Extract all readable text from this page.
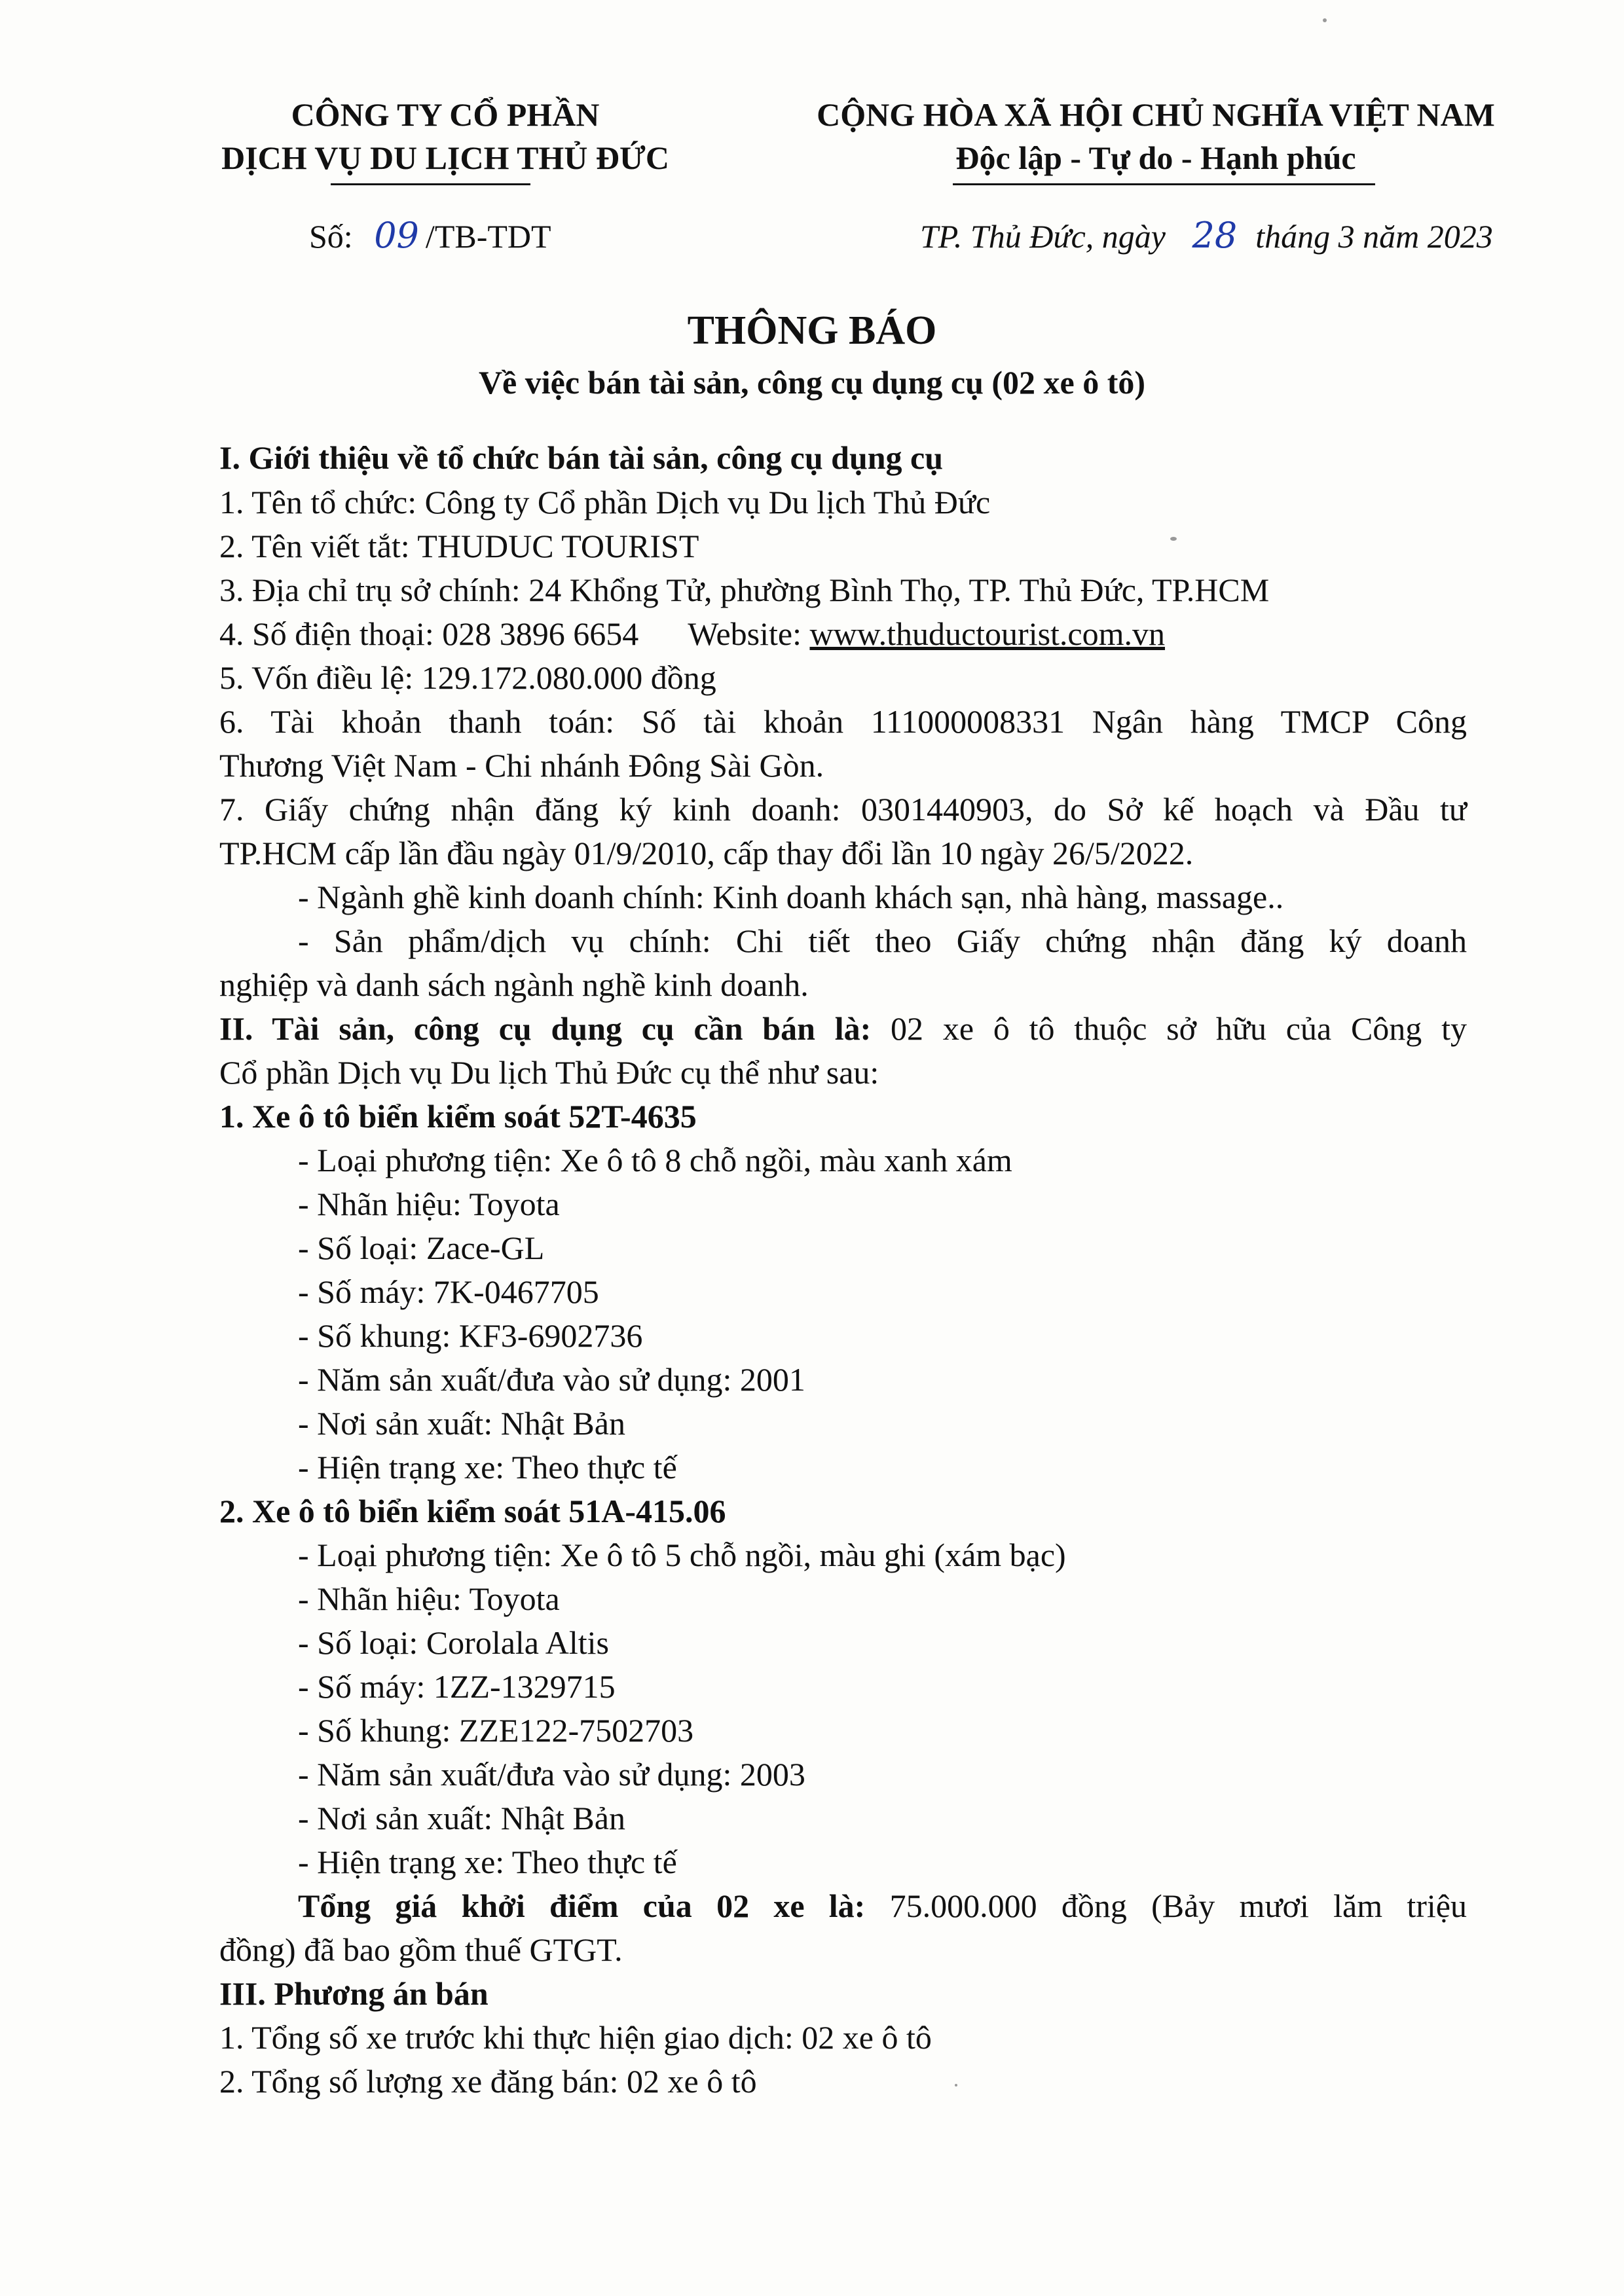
CÔNG TY CỔ PHẦN
DỊCH VỤ DU LỊCH THỦ ĐỨC
CỘNG HÒA XÃ HỘI CHỦ NGHĨA VIỆT NAM
Độc lập - Tự do - Hạnh phúc
Số: 09 /TB-TDT	TP. Thủ Đức, ngày 28 tháng 3 năm 2023
THÔNG BÁO
Về việc bán tài sản, công cụ dụng cụ (02 xe ô tô)
I. Giới thiệu về tổ chức bán tài sản, công cụ dụng cụ
1. Tên tổ chức: Công ty Cổ phần Dịch vụ Du lịch Thủ Đức
2. Tên viết tắt: THUDUC TOURIST
3. Địa chỉ trụ sở chính: 24 Khổng Tử, phường Bình Thọ, TP. Thủ Đức, TP.HCM
4. Số điện thoại: 028 3896 6654 Website: www.thuductourist.com.vn
5. Vốn điều lệ: 129.172.080.000 đồng
6. Tài khoản thanh toán: Số tài khoản 111000008331 Ngân hàng TMCP Công
Thương Việt Nam - Chi nhánh Đông Sài Gòn.
7. Giấy chứng nhận đăng ký kinh doanh: 0301440903, do Sở kế hoạch và Đầu tư
TP.HCM cấp lần đầu ngày 01/9/2010, cấp thay đổi lần 10 ngày 26/5/2022.
- Ngành ghề kinh doanh chính: Kinh doanh khách sạn, nhà hàng, massage..
- Sản phẩm/dịch vụ chính: Chi tiết theo Giấy chứng nhận đăng ký doanh
nghiệp và danh sách ngành nghề kinh doanh.
II. Tài sản, công cụ dụng cụ cần bán là: 02 xe ô tô thuộc sở hữu của Công ty
Cổ phần Dịch vụ Du lịch Thủ Đức cụ thể như sau:
1. Xe ô tô biển kiểm soát 52T-4635
- Loại phương tiện: Xe ô tô 8 chỗ ngồi, màu xanh xám
- Nhãn hiệu: Toyota
- Số loại: Zace-GL
- Số máy: 7K-0467705
- Số khung: KF3-6902736
- Năm sản xuất/đưa vào sử dụng: 2001
- Nơi sản xuất: Nhật Bản
- Hiện trạng xe: Theo thực tế
2. Xe ô tô biển kiểm soát 51A-415.06
- Loại phương tiện: Xe ô tô 5 chỗ ngồi, màu ghi (xám bạc)
- Nhãn hiệu: Toyota
- Số loại: Corolala Altis
- Số máy: 1ZZ-1329715
- Số khung: ZZE122-7502703
- Năm sản xuất/đưa vào sử dụng: 2003
- Nơi sản xuất: Nhật Bản
- Hiện trạng xe: Theo thực tế
Tổng giá khởi điểm của 02 xe là: 75.000.000 đồng (Bảy mươi lăm triệu
đồng) đã bao gồm thuế GTGT.
III. Phương án bán
1. Tổng số xe trước khi thực hiện giao dịch: 02 xe ô tô
2. Tổng số lượng xe đăng bán: 02 xe ô tô
